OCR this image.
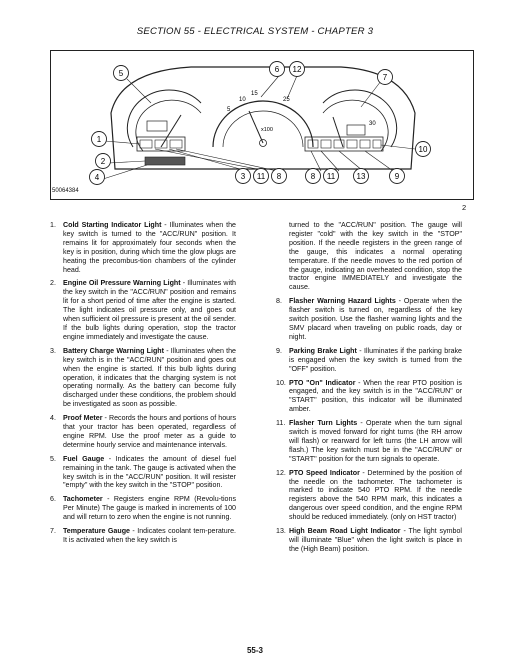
SECTION 55 - ELECTRICAL SYSTEM - CHAPTER 3
10
15
5
25
x100
30
5	6 12
7
1
2
4	3 11 8	8 11	13	9
10
50064384
2
1. Cold Starting Indicator Light - Illuminates when the key switch is turned to the "ACC/RUN" position. It remains lit for approximately four seconds when the key is in position, during which time the glow plugs are heating the precombus-tion chambers of the cylinder head.
2. Engine Oil Pressure Warning Light - Illuminates with the key switch in the "ACC/RUN" position and remains lit for a short period of time after the engine is started. The light indicates oil pressure only, and goes out when sufficient oil pressure is present at the oil sender. If the bulb lights during operation, stop the tractor engine immediately and investigate the cause.
3. Battery Charge Warning Light - Illuminates when the key switch is in the "ACC/RUN" position and goes out when the engine is started. If this bulb lights during operation, it indicates that the charging system is not operating normally. As the battery can become fully discharged under these conditions, the problem should be investigated as soon as possible.
4. Proof Meter - Records the hours and portions of hours that your tractor has been operated, regardless of engine RPM. Use the proof meter as a guide to determine hourly service and maintenance intervals.
5. Fuel Gauge - Indicates the amount of diesel fuel remaining in the tank. The gauge is activated when the key switch is in the "ACC/RUN" position. It will resister "empty" with the key switch in the "STOP" position.
6. Tachometer - Registers engine RPM (Revolu-tions Per Minute) The gauge is marked in increments of 100 and will return to zero when the engine is not running.
7. Temperature Gauge - Indicates coolant tem-perature. It is activated when the key switch is
turned to the "ACC/RUN" position. The gauge will register "cold" with the key switch in the "STOP" position. If the needle registers in the green range of the gauge, this indicates a normal operating temperature. If the needle moves to the red portion of the gauge, indicating an overheated condition, stop the tractor engine IMMEDIATELY and investigate the cause.
8. Flasher Warning Hazard Lights - Operate when the flasher switch is turned on, regardless of the key switch position. Use the flasher warning lights and the SMV placard when traveling on public roads, day or night.
9. Parking Brake Light - Illuminates if the parking brake is engaged when the key switch is turned from the "OFF" position.
10. PTO "On" Indicator - When the rear PTO position is engaged, and the key switch is in the "ACC/RUN" or "START" position, this indicator will be illuminated amber.
11. Flasher Turn Lights - Operate when the turn signal switch is moved forward for right turns (the RH arrow will flash) or rearward for left turns (the LH arrow will flash.) The key switch must be in the "ACC/RUN" or "START" position for the turn signals to operate.
12. PTO Speed Indicator - Determined by the position of the needle on the tachometer. The tachometer is marked to indicate 540 PTO RPM. If the needle registers above the 540 RPM mark, this indicates a dangerous over speed condition, and the engine RPM should be reduced immediately. (only on HST tractor)
13. High Beam Road Light Indicator - The light symbol will illuminate "Blue" when the light switch is place in the (High Beam) position.
55-3
